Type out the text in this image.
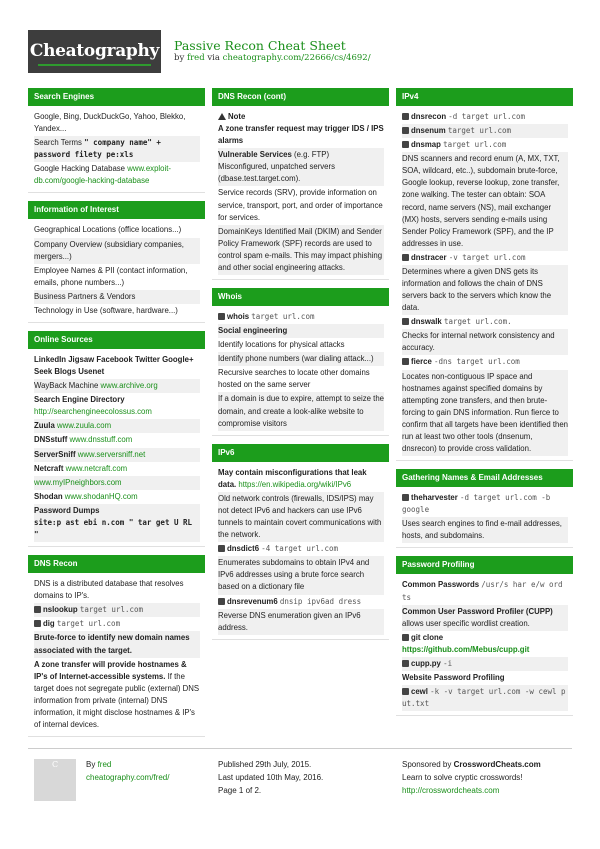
Cheatography Passive Recon Cheat Sheet
by fred via cheatography.com/22666/cs/4692/
Search Engines
Google, Bing, DuckDuckGo, Yahoo, Blekko, Yandex...
Search Terms " company name" + password filety pe:xls
Google Hacking Database www.exploit-db.com/google-hacking-database
Information of Interest
Geographical Locations (office locations...)
Company Overview (subsidiary companies, mergers...)
Employee Names & PII (contact information, emails, phone numbers...)
Business Partners & Vendors
Technology in Use (software, hardware...)
Online Sources
LinkedIn Jigsaw Facebook Twitter Google+ Seek Blogs Usenet
WayBack Machine www.archive.org
Search Engine Directory http://searchengineecolossus.com
Zuula www.zuula.com
DNSstuff www.dnsstuff.com
ServerSniff www.serversniff.net
Netcraft www.netcraft.com
www.myIPneighbors.com
Shodan www.shodanHQ.com
Password Dumps
site:p ast ebi n.com " tar get U RL "
DNS Recon
DNS is a distributed database that resolves domains to IP's.
nslookup target url.com
dig target url.com
Brute-force to identify new domain names associated with the target.
A zone transfer will provide hostnames & IP's of Internet-accessible systems. If the target does not segregate public (external) DNS information from private (internal) DNS information, it might disclose hostnames & IP's of internal devices.
DNS Recon (cont)
Note
A zone transfer request may trigger IDS / IPS alarms
Vulnerable Services (e.g. FTP)
Misconfigured, unpatched servers (dbase.test.target.com).
Service records (SRV), provide information on service, transport, port, and order of importance for services.
DomainKeys Identified Mail (DKIM) and Sender Policy Framework (SPF) records are used to control spam e-mails. This may impact phishing and other social engineering attacks.
Whois
whois target url.com
Social engineering
Identify locations for physical attacks
Identify phone numbers (war dialing attack...)
Recursive searches to locate other domains hosted on the same server
If a domain is due to expire, attempt to seize the domain, and create a look-alike website to compromise visitors
IPv6
May contain misconfigurations that leak data. https://en.wikipedia.org/wiki/IPv6
Old network controls (firewalls, IDS/IPS) may not detect IPv6 and hackers can use IPv6 tunnels to maintain covert communications with the network.
dnsdict6 -4 target url.com
Enumerates subdomains to obtain IPv4 and IPv6 addresses using a brute force search based on a dictionary file
dnsrevenum6 dnsip ipv6ad dress
Reverse DNS enumeration given an IPv6 address.
IPv4
dnsrecon -d target url.com
dnsenum target url.com
dnsmap target url.com
DNS scanners and record enum (A, MX, TXT, SOA, wildcard, etc..), subdomain brute-force, Google lookup, reverse lookup, zone transfer, zone walking. The tester can obtain: SOA record, name servers (NS), mail exchanger (MX) hosts, servers sending e-mails using Sender Policy Framework (SPF), and the IP addresses in use.
dnstracer -v target url.com
Determines where a given DNS gets its information and follows the chain of DNS servers back to the servers which know the data.
dnswalk target url.com.
Checks for internal network consistency and accuracy.
fierce -dns target url.com
Locates non-contiguous IP space and hostnames against specified domains by attempting zone transfers, and then brute-forcing to gain DNS information. Run fierce to confirm that all targets have been identified then run at least two other tools (dnsenum, dnsrecon) to provide cross validation.
Gathering Names & Email Addresses
theharvester -d target url.com -b google
Uses search engines to find e-mail addresses, hosts, and subdomains.
Password Profiling
Common Passwords /usr/s har e/w ord ts
Common User Password Profiler (CUPP) allows user specific wordlist creation.
git clone https://github.com/Mebus/cupp.git
cupp.py -i
Website Password Profiling
cewl -k -v target url.com -w cewl p ut.txt
C	By fred
cheatography.com/fred/
Published 29th July, 2015.
Last updated 10th May, 2016.
Page 1 of 2.
Sponsored by CrosswordCheats.com
Learn to solve cryptic crosswords!
http://crosswordcheats.com
